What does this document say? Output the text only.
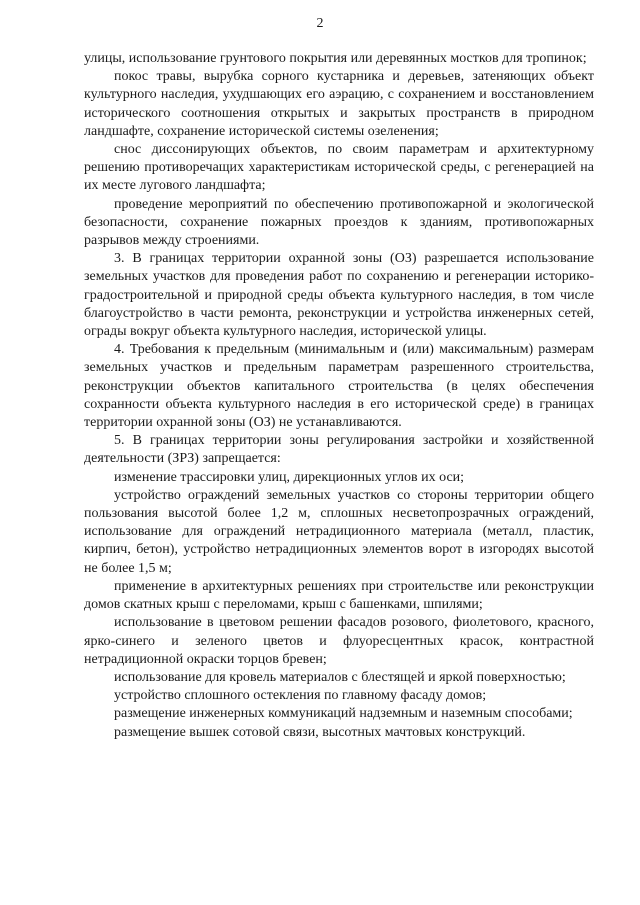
2

улицы, использование грунтового покрытия или деревянных мостков для тропинок;

покос травы, вырубка сорного кустарника и деревьев, затеняющих объект культурного наследия, ухудшающих его аэрацию, с сохранением и восстановлением исторического соотношения открытых и закрытых пространств в природном ландшафте, сохранение исторической системы озеленения;

снос диссонирующих объектов, по своим параметрам и архитектурному решению противоречащих характеристикам исторической среды, с регенерацией на их месте лугового ландшафта;

проведение мероприятий по обеспечению противопожарной и экологической безопасности, сохранение пожарных проездов к зданиям, противопожарных разрывов между строениями.

3. В границах территории охранной зоны (ОЗ) разрешается использование земельных участков для проведения работ по сохранению и регенерации историко-градостроительной и природной среды объекта культурного наследия, в том числе благоустройство в части ремонта, реконструкции и устройства инженерных сетей, ограды вокруг объекта культурного наследия, исторической улицы.

4. Требования к предельным (минимальным и (или) максимальным) размерам земельных участков и предельным параметрам разрешенного строительства, реконструкции объектов капитального строительства (в целях обеспечения сохранности объекта культурного наследия в его исторической среде) в границах территории охранной зоны (ОЗ) не устанавливаются.

5. В границах территории зоны регулирования застройки и хозяйственной деятельности (ЗРЗ) запрещается:

изменение трассировки улиц, дирекционных углов их оси;

устройство ограждений земельных участков со стороны территории общего пользования высотой более 1,2 м, сплошных несветопрозрачных ограждений, использование для ограждений нетрадиционного материала (металл, пластик, кирпич, бетон), устройство нетрадиционных элементов ворот в изгородях высотой не более 1,5 м;

применение в архитектурных решениях при строительстве или реконструкции домов скатных крыш с переломами, крыш с башенками, шпилями;

использование в цветовом решении фасадов розового, фиолетового, красного, ярко-синего и зеленого цветов и флуоресцентных красок, контрастной нетрадиционной окраски торцов бревен;

использование для кровель материалов с блестящей и яркой поверхностью;

устройство сплошного остекления по главному фасаду домов;

размещение инженерных коммуникаций надземным и наземным способами;

размещение вышек сотовой связи, высотных мачтовых конструкций.
